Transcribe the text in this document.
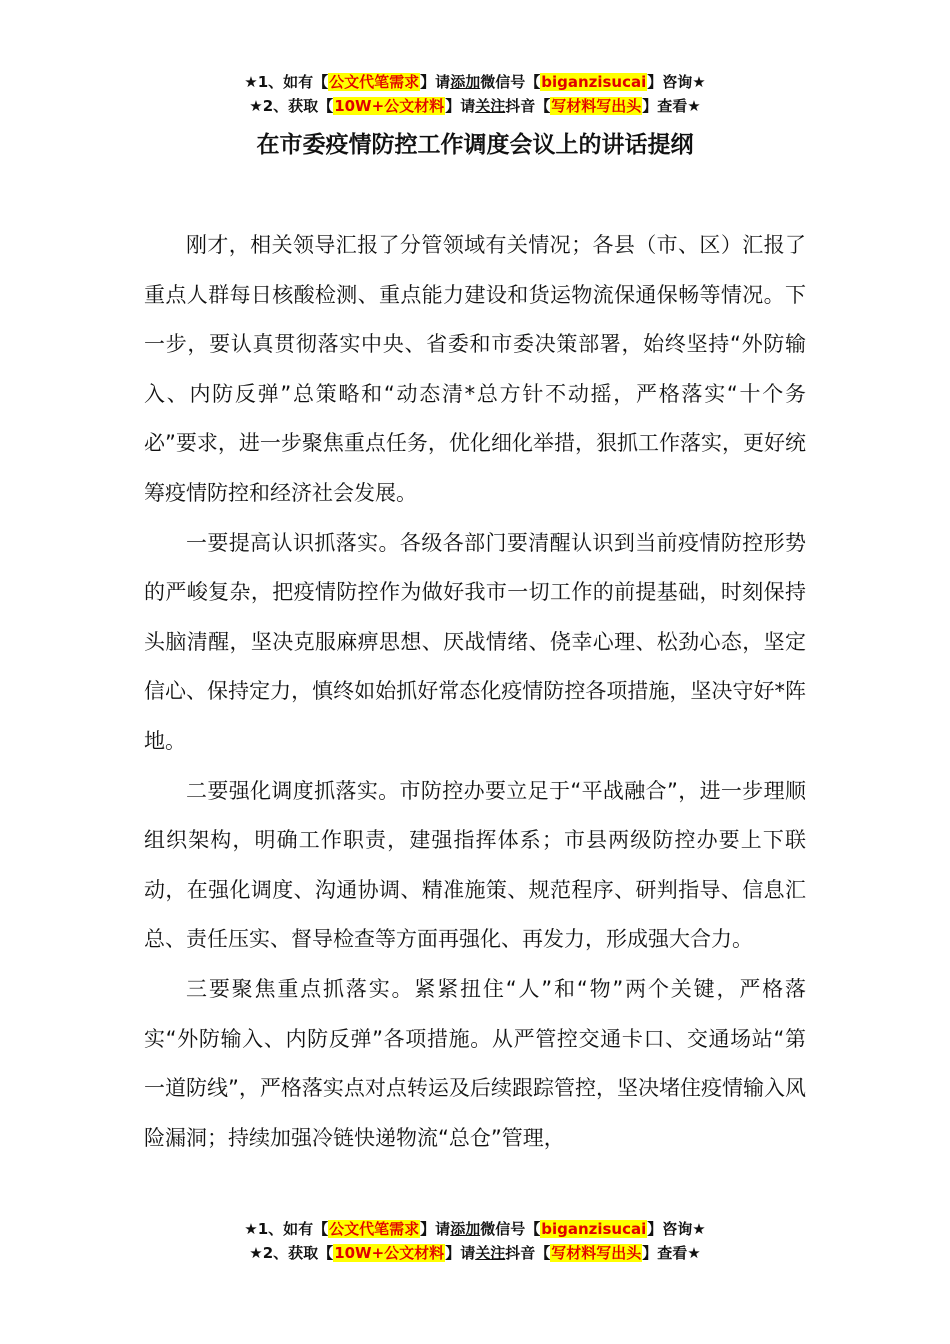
★1、如有【公文代笔需求】请添加微信号【biganzisucai】咨询★
★2、获取【10W+公文材料】请关注抖音【写材料写出头】查看★
在市委疫情防控工作调度会议上的讲话提纲

刚才，相关领导汇报了分管领域有关情况；各县（市、区）汇报了重点人群每日核酸检测、重点能力建设和货运物流保通保畅等情况。下一步，要认真贯彻落实中央、省委和市委决策部署，始终坚持“外防输入、内防反弹”总策略和“动态清*总方针不动摇，严格落实“十个务必”要求，进一步聚焦重点任务，优化细化举措，狠抓工作落实，更好统筹疫情防控和经济社会发展。

一要提高认识抓落实。各级各部门要清醒认识到当前疫情防控形势的严峻复杂，把疫情防控作为做好我市一切工作的前提基础，时刻保持头脑清醒，坚决克服麻痹思想、厌战情绪、侥幸心理、松劲心态，坚定信心、保持定力，慎终如始抓好常态化疫情防控各项措施，坚决守好*阵地。

二要强化调度抓落实。市防控办要立足于“平战融合”，进一步理顺组织架构，明确工作职责，建强指挥体系；市县两级防控办要上下联动，在强化调度、沟通协调、精准施策、规范程序、研判指导、信息汇总、责任压实、督导检查等方面再强化、再发力，形成强大合力。

三要聚焦重点抓落实。紧紧扭住“人”和“物”两个关键，严格落实“外防输入、内防反弹”各项措施。从严管控交通卡口、交通场站“第一道防线”，严格落实点对点转运及后续跟踪管控，坚决堵住疫情输入风险漏洞；持续加强冷链快递物流“总仓”管理，

★1、如有【公文代笔需求】请添加微信号【biganzisucai】咨询★
★2、获取【10W+公文材料】请关注抖音【写材料写出头】查看★
